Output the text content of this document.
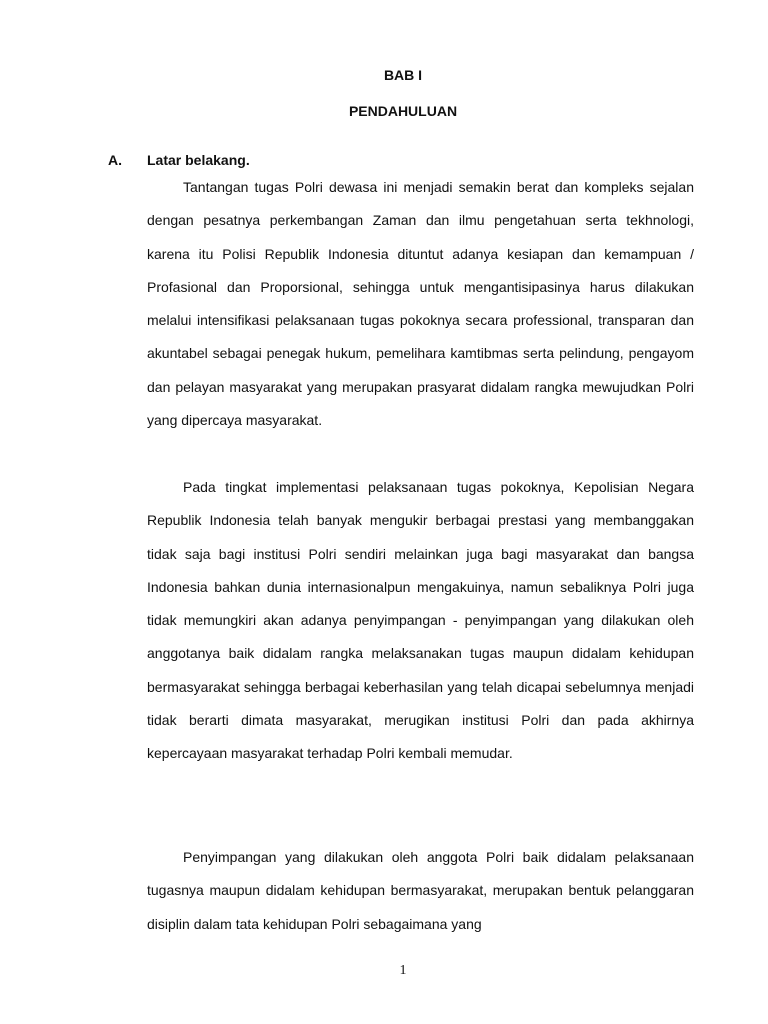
BAB I
PENDAHULUAN
A. Latar belakang.

Tantangan tugas Polri dewasa ini menjadi semakin berat dan kompleks sejalan dengan pesatnya perkembangan Zaman dan ilmu pengetahuan serta tekhnologi, karena itu Polisi Republik Indonesia dituntut adanya kesiapan dan kemampuan / Profasional dan Proporsional, sehingga untuk mengantisipasinya harus dilakukan melalui intensifikasi pelaksanaan tugas pokoknya secara professional, transparan dan akuntabel sebagai penegak hukum, pemelihara kamtibmas serta pelindung, pengayom dan pelayan masyarakat yang merupakan prasyarat didalam rangka mewujudkan Polri yang dipercaya masyarakat.

Pada tingkat implementasi pelaksanaan tugas pokoknya, Kepolisian Negara Republik Indonesia telah banyak mengukir berbagai prestasi yang membanggakan tidak saja bagi institusi Polri sendiri melainkan juga bagi masyarakat dan bangsa Indonesia bahkan dunia internasionalpun mengakuinya, namun sebaliknya Polri juga tidak memungkiri akan adanya penyimpangan - penyimpangan yang dilakukan oleh anggotanya baik didalam rangka melaksanakan tugas maupun didalam kehidupan bermasyarakat sehingga berbagai keberhasilan yang telah dicapai sebelumnya menjadi tidak berarti dimata masyarakat, merugikan institusi Polri dan pada akhirnya kepercayaan masyarakat terhadap Polri kembali memudar.

Penyimpangan yang dilakukan oleh anggota Polri baik didalam pelaksanaan tugasnya maupun didalam kehidupan bermasyarakat, merupakan bentuk pelanggaran disiplin dalam tata kehidupan Polri sebagaimana yang

1
